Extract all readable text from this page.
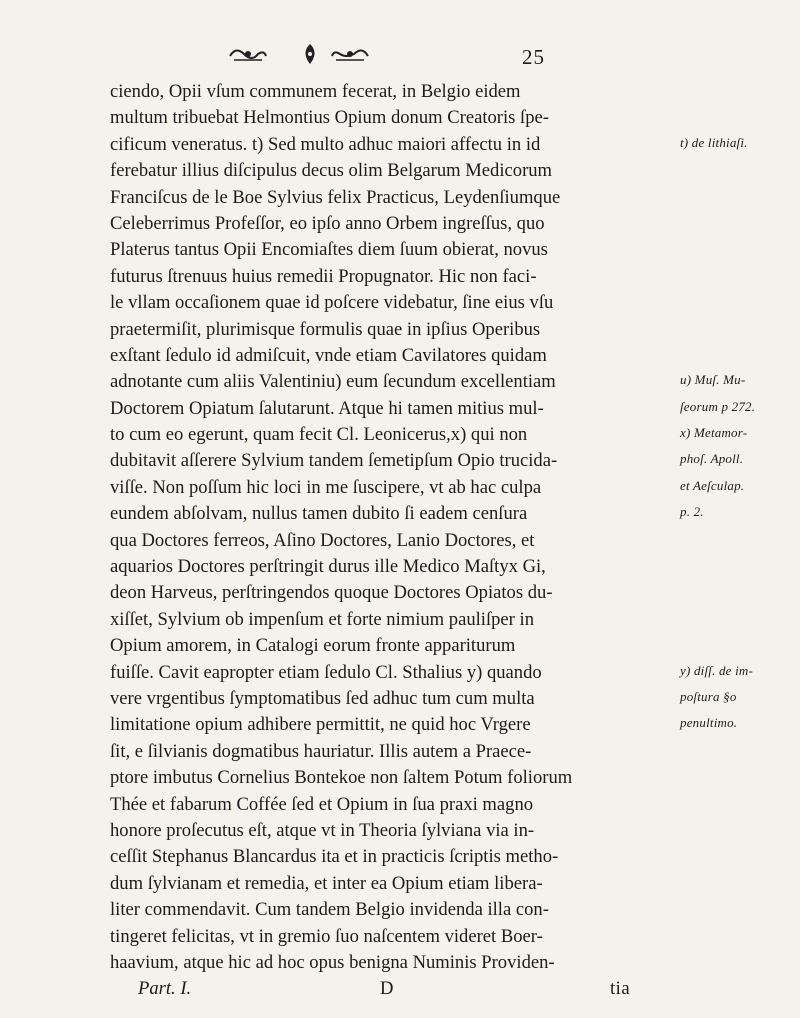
25
ciendo, Opii vſum communem fecerat, in Belgio eidem
multum tribuebat Helmontius Opium donum Creatoris ſpe-
cificum veneratus. t) Sed multo adhuc maiori affectu in id	t) de lithiaſi.
ferebatur illius diſcipulus decus olim Belgarum Medicorum
Franciſcus de le Boe Sylvius felix Practicus, Leydenſiumque
Celeberrimus Profeſſor, eo ipſo anno Orbem ingreſſus, quo
Platerus tantus Opii Encomiaſtes diem ſuum obierat, novus
futurus ſtrenuus huius remedii Propugnator. Hic non faci-
le vllam occaſionem quae id poſcere videbatur, ſine eius vſu
praetermiſit, plurimisque formulis quae in ipſius Operibus
exſtant ſedulo id admiſcuit, vnde etiam Cavilatores quidam
adnotante cum aliis Valentiniu) eum ſecundum excellentiam	u) Muſ. Mu-
Doctorem Opiatum ſalutarunt. Atque hi tamen mitius mul-	ſeorum p 272.
to cum eo egerunt, quam fecit Cl. Leonicerus,x) qui non	x) Metamor-
dubitavit aſſerere Sylvium tandem ſemetipſum Opio trucida-	phoſ. Apoll.
viſſe. Non poſſum hic loci in me ſuscipere, vt ab hac culpa	et Aeſculap.
eundem abſolvam, nullus tamen dubito ſi eadem cenſura	p. 2.
qua Doctores ferreos, Aſino Doctores, Lanio Doctores, et
aquarios Doctores perſtringit durus ille Medico Maſtyx Gi,
deon Harveus, perſtringendos quoque Doctores Opiatos du-
xiſſet, Sylvium ob impenſum et forte nimium pauliſper in
Opium amorem, in Catalogi eorum fronte appariturum
fuiſſe. Cavit eapropter etiam ſedulo Cl. Sthalius y) quando	y) diſſ. de im-
vere vrgentibus ſymptomatibus ſed adhuc tum cum multa	poſtura §o
limitatione opium adhibere permittit, ne quid hoc Vrgere	penultimo.
ſit, e ſilvianis dogmatibus hauriatur. Illis autem a Praece-
ptore imbutus Cornelius Bontekoe non ſaltem Potum foliorum
Thée et fabarum Coffée ſed et Opium in ſua praxi magno
honore proſecutus eſt, atque vt in Theoria ſylviana via in-
ceſſit Stephanus Blancardus ita et in practicis ſcriptis metho-
dum ſylvianam et remedia, et inter ea Opium etiam libera-
liter commendavit. Cum tandem Belgio invidenda illa con-
tingeret felicitas, vt in gremio ſuo naſcentem videret Boer-
haavium, atque hic ad hoc opus benigna Numinis Providen-
Part. I.	D	tia
